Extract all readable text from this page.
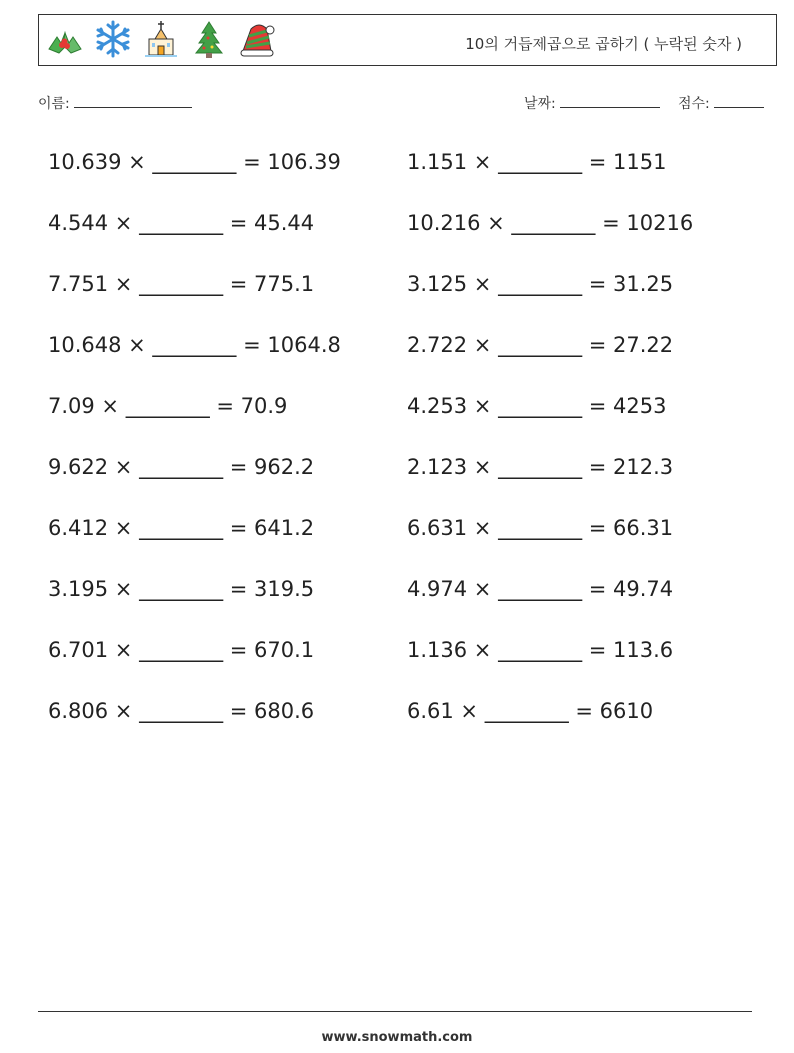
10의 거듭제곱으로 곱하기 ( 누락된 숫자 )
이름:	날짜:	점수:
10.639 × ________ = 106.39
4.544 × ________ = 45.44
7.751 × ________ = 775.1
10.648 × ________ = 1064.8
7.09 × ________ = 70.9
9.622 × ________ = 962.2
6.412 × ________ = 641.2
3.195 × ________ = 319.5
6.701 × ________ = 670.1
6.806 × ________ = 680.6
1.151 × ________ = 1151
10.216 × ________ = 10216
3.125 × ________ = 31.25
2.722 × ________ = 27.22
4.253 × ________ = 4253
2.123 × ________ = 212.3
6.631 × ________ = 66.31
4.974 × ________ = 49.74
1.136 × ________ = 113.6
6.61 × ________ = 6610
www.snowmath.com
